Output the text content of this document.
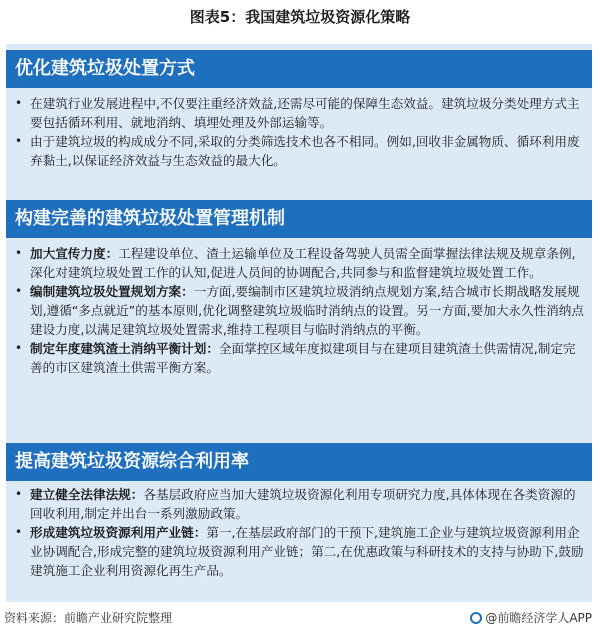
图表5：我国建筑垃圾资源化策略
优化建筑垃圾处置方式
• 在建筑行业发展进程中,不仅要注重经济效益,还需尽可能的保障生态效益。建筑垃圾分类处理方式主要包括循环利用、就地消纳、填埋处理及外部运输等。
• 由于建筑垃圾的构成成分不同,采取的分类筛选技术也各不相同。例如,回收非金属物质、循环利用废弃黏土,以保证经济效益与生态效益的最大化。
构建完善的建筑垃圾处置管理机制
• 加大宣传力度：工程建设单位、渣土运输单位及工程设备驾驶人员需全面掌握法律法规及规章条例,深化对建筑垃圾处置工作的认知,促进人员间的协调配合,共同参与和监督建筑垃圾处置工作。
• 编制建筑垃圾处置规划方案：一方面,要编制市区建筑垃圾消纳点规划方案,结合城市长期战略发展规划,遵循“多点就近”的基本原则,优化调整建筑垃圾临时消纳点的设置。另一方面,要加大永久性消纳点建设力度,以满足建筑垃圾处置需求,维持工程项目与临时消纳点的平衡。
• 制定年度建筑渣土消纳平衡计划：全面掌控区域年度拟建项目与在建项目建筑渣土供需情况,制定完善的市区建筑渣土供需平衡方案。
提高建筑垃圾资源综合利用率
• 建立健全法律法规：各基层政府应当加大建筑垃圾资源化利用专项研究力度,具体体现在各类资源的回收利用,制定并出台一系列激励政策。
• 形成建筑垃圾资源利用产业链：第一,在基层政府部门的干预下,建筑施工企业与建筑垃圾资源利用企业协调配合,形成完整的建筑垃圾资源利用产业链；第二,在优惠政策与科研技术的支持与协助下,鼓励建筑施工企业利用资源化再生产品。
资料来源：前瞻产业研究院整理	@前瞻经济学人APP
